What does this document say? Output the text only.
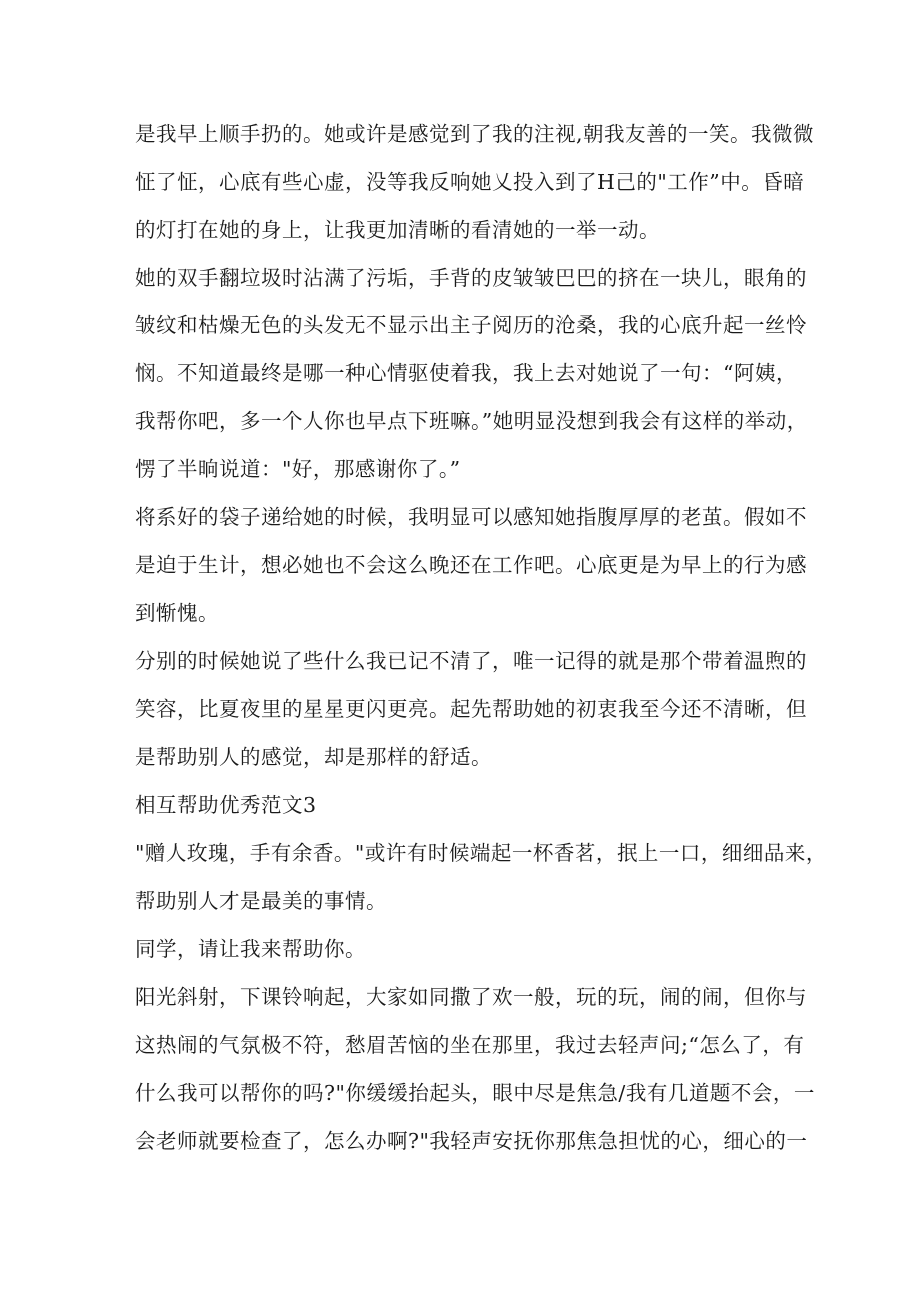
是我早上顺手扔的。她或许是感觉到了我的注视,朝我友善的一笑。我微微
怔了怔，心底有些心虚，没等我反响她乂投入到了H己的"工作”中。昏暗
的灯打在她的身上，让我更加清晰的看清她的一举一动。
她的双手翻垃圾时沾满了污垢，手背的皮皱皱巴巴的挤在一块儿，眼角的
皱纹和枯燥无色的头发无不显示出主子阅历的沧桑，我的心底升起一丝怜
悯。不知道最终是哪一种心情驱使着我，我上去对她说了一句：“阿姨，
我帮你吧，多一个人你也早点下班嘛。”她明显没想到我会有这样的举动，
愣了半晌说道："好，那感谢你了。”
将系好的袋子递给她的时候，我明显可以感知她指腹厚厚的老茧。假如不
是迫于生计，想必她也不会这么晚还在工作吧。心底更是为早上的行为感
到惭愧。
分别的时候她说了些什么我已记不清了，唯一记得的就是那个带着温煦的
笑容，比夏夜里的星星更闪更亮。起先帮助她的初衷我至今还不清晰，但
是帮助别人的感觉，却是那样的舒适。
相互帮助优秀范文3
"赠人玫瑰，手有余香。"或许有时候端起一杯香茗，抿上一口，细细品来，
帮助别人才是最美的事情。
同学，请让我来帮助你。
阳光斜射，下课铃响起，大家如同撒了欢一般，玩的玩，闹的闹，但你与
这热闹的气氛极不符，愁眉苦恼的坐在那里，我过去轻声问;“怎么了，有
什么我可以帮你的吗?"你缓缓抬起头，眼中尽是焦急/我有几道题不会，一
会老师就要检查了，怎么办啊?"我轻声安抚你那焦急担忧的心，细心的一
